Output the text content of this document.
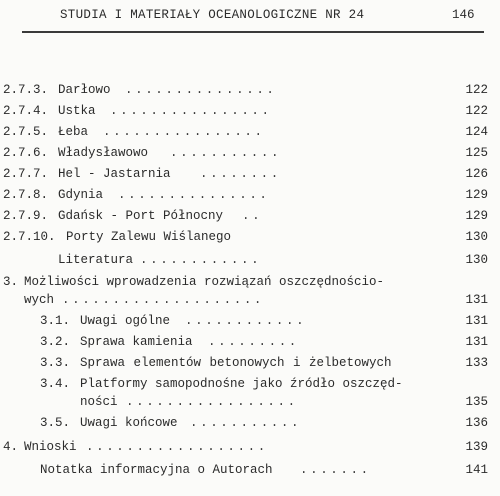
STUDIA I MATERIAŁY OCEANOLOGICZNE NR 24	146
2.7.3. Darłowo ...............	122
2.7.4. Ustka ................	122
2.7.5. Łeba ................	124
2.7.6. Władysławowo ...........	125
2.7.7. Hel - Jastarnia ........	126
2.7.8. Gdynia ...............	129
2.7.9. Gdańsk - Port Północny ..	129
2.7.10. Porty Zalewu Wiślanego	130
Literatura ............	130
3. Możliwości wprowadzenia rozwiązań oszczędnościo-
wych ....................	131
3.1. Uwagi ogólne ............	131
3.2. Sprawa kamienia .........	131
3.3. Sprawa elementów betonowych i żelbetowych	133
3.4. Platformy samopodnośne jako źródło oszczęd-
ności .................	135
3.5. Uwagi końcowe ...........	136
4. Wnioski ..................	139
Notatka informacyjna o Autorach .......	141
